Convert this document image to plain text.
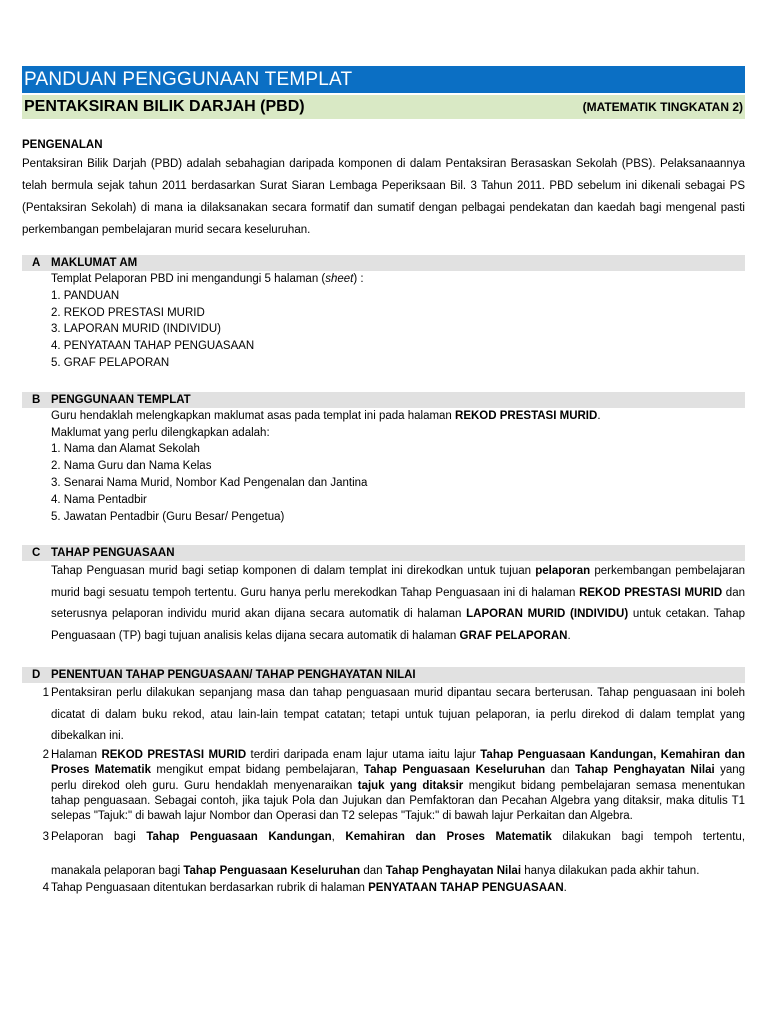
PANDUAN PENGGUNAAN TEMPLAT
PENTAKSIRAN BILIK DARJAH (PBD)	(MATEMATIK TINGKATAN 2)
PENGENALAN
Pentaksiran Bilik Darjah (PBD) adalah sebahagian daripada komponen di dalam Pentaksiran Berasaskan Sekolah (PBS). Pelaksanaannya telah bermula sejak tahun 2011 berdasarkan Surat Siaran Lembaga Peperiksaan Bil. 3 Tahun 2011. PBD sebelum ini dikenali sebagai PS (Pentaksiran Sekolah) di mana ia dilaksanakan secara formatif dan sumatif dengan pelbagai pendekatan dan kaedah bagi mengenal pasti perkembangan pembelajaran murid secara keseluruhan.
A MAKLUMAT AM
Templat Pelaporan PBD ini mengandungi 5 halaman (sheet) :
1. PANDUAN
2. REKOD PRESTASI MURID
3. LAPORAN MURID (INDIVIDU)
4. PENYATAAN TAHAP PENGUASAAN
5. GRAF PELAPORAN
B PENGGUNAAN TEMPLAT
Guru hendaklah melengkapkan maklumat asas pada templat ini pada halaman REKOD PRESTASI MURID.
Maklumat yang perlu dilengkapkan adalah:
1. Nama dan Alamat Sekolah
2. Nama Guru dan Nama Kelas
3. Senarai Nama Murid, Nombor Kad Pengenalan dan Jantina
4. Nama Pentadbir
5. Jawatan Pentadbir (Guru Besar/ Pengetua)
C TAHAP PENGUASAAN
Tahap Penguasan murid bagi setiap komponen di dalam templat ini direkodkan untuk tujuan pelaporan perkembangan pembelajaran murid bagi sesuatu tempoh tertentu. Guru hanya perlu merekodkan Tahap Penguasaan ini di halaman REKOD PRESTASI MURID dan seterusnya pelaporan individu murid akan dijana secara automatik di halaman LAPORAN MURID (INDIVIDU) untuk cetakan. Tahap Penguasaan (TP) bagi tujuan analisis kelas dijana secara automatik di halaman GRAF PELAPORAN.
D PENENTUAN TAHAP PENGUASAAN/ TAHAP PENGHAYATAN NILAI
1 Pentaksiran perlu dilakukan sepanjang masa dan tahap penguasaan murid dipantau secara berterusan. Tahap penguasaan ini boleh dicatat di dalam buku rekod, atau lain-lain tempat catatan; tetapi untuk tujuan pelaporan, ia perlu direkod di dalam templat yang dibekalkan ini.
2 Halaman REKOD PRESTASI MURID terdiri daripada enam lajur utama iaitu lajur Tahap Penguasaan Kandungan, Kemahiran dan Proses Matematik mengikut empat bidang pembelajaran, Tahap Penguasaan Keseluruhan dan Tahap Penghayatan Nilai yang perlu direkod oleh guru. Guru hendaklah menyenaraikan tajuk yang ditaksir mengikut bidang pembelajaran semasa menentukan tahap penguasaan. Sebagai contoh, jika tajuk Pola dan Jujukan dan Pemfaktoran dan Pecahan Algebra yang ditaksir, maka ditulis T1 selepas "Tajuk:" di bawah lajur Nombor dan Operasi dan T2 selepas "Tajuk:" di bawah lajur Perkaitan dan Algebra.
3 Pelaporan bagi Tahap Penguasaan Kandungan, Kemahiran dan Proses Matematik dilakukan bagi tempoh tertentu,
manakala pelaporan bagi Tahap Penguasaan Keseluruhan dan Tahap Penghayatan Nilai hanya dilakukan pada akhir tahun.
4 Tahap Penguasaan ditentukan berdasarkan rubrik di halaman PENYATAAN TAHAP PENGUASAAN.
